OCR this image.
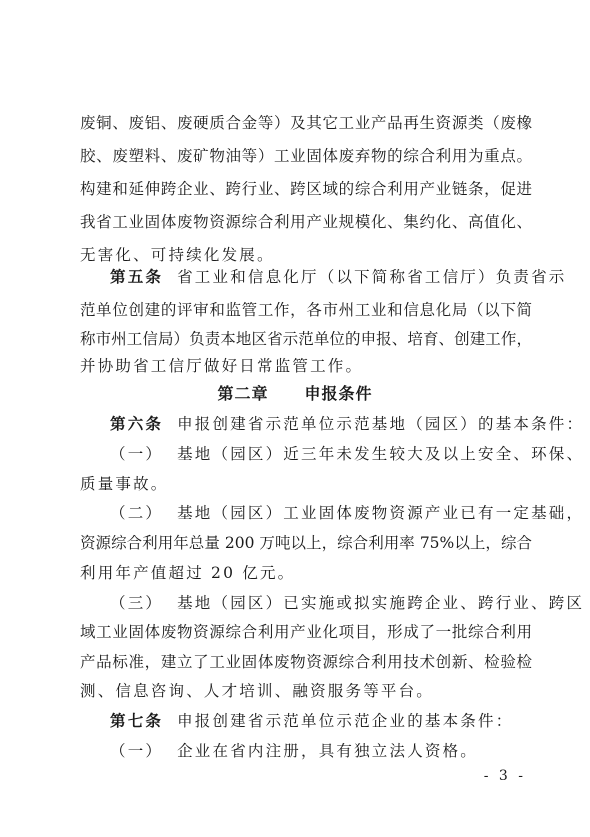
废铜、废铝、废硬质合金等）及其它工业产品再生资源类（废橡
胶、废塑料、废矿物油等）工业固体废弃物的综合利用为重点。
构建和延伸跨企业、跨行业、跨区域的综合利用产业链条，促进
我省工业固体废物资源综合利用产业规模化、集约化、高值化、
无害化、可持续化发展。
第五条 省工业和信息化厅（以下简称省工信厅）负责省示
范单位创建的评审和监管工作，各市州工业和信息化局（以下简
称市州工信局）负责本地区省示范单位的申报、培育、创建工作，
并协助省工信厅做好日常监管工作。
第二章 申报条件
第六条 申报创建省示范单位示范基地（园区）的基本条件：
（一） 基地（园区）近三年未发生较大及以上安全、环保、
质量事故。
（二） 基地（园区）工业固体废物资源产业已有一定基础，
资源综合利用年总量 200 万吨以上，综合利用率 75%以上，综合
利用年产值超过 20 亿元。
（三） 基地（园区）已实施或拟实施跨企业、跨行业、跨区
域工业固体废物资源综合利用产业化项目，形成了一批综合利用
产品标准，建立了工业固体废物资源综合利用技术创新、检验检
测、信息咨询、人才培训、融资服务等平台。
第七条 申报创建省示范单位示范企业的基本条件：
（一） 企业在省内注册，具有独立法人资格。
- 3 -
